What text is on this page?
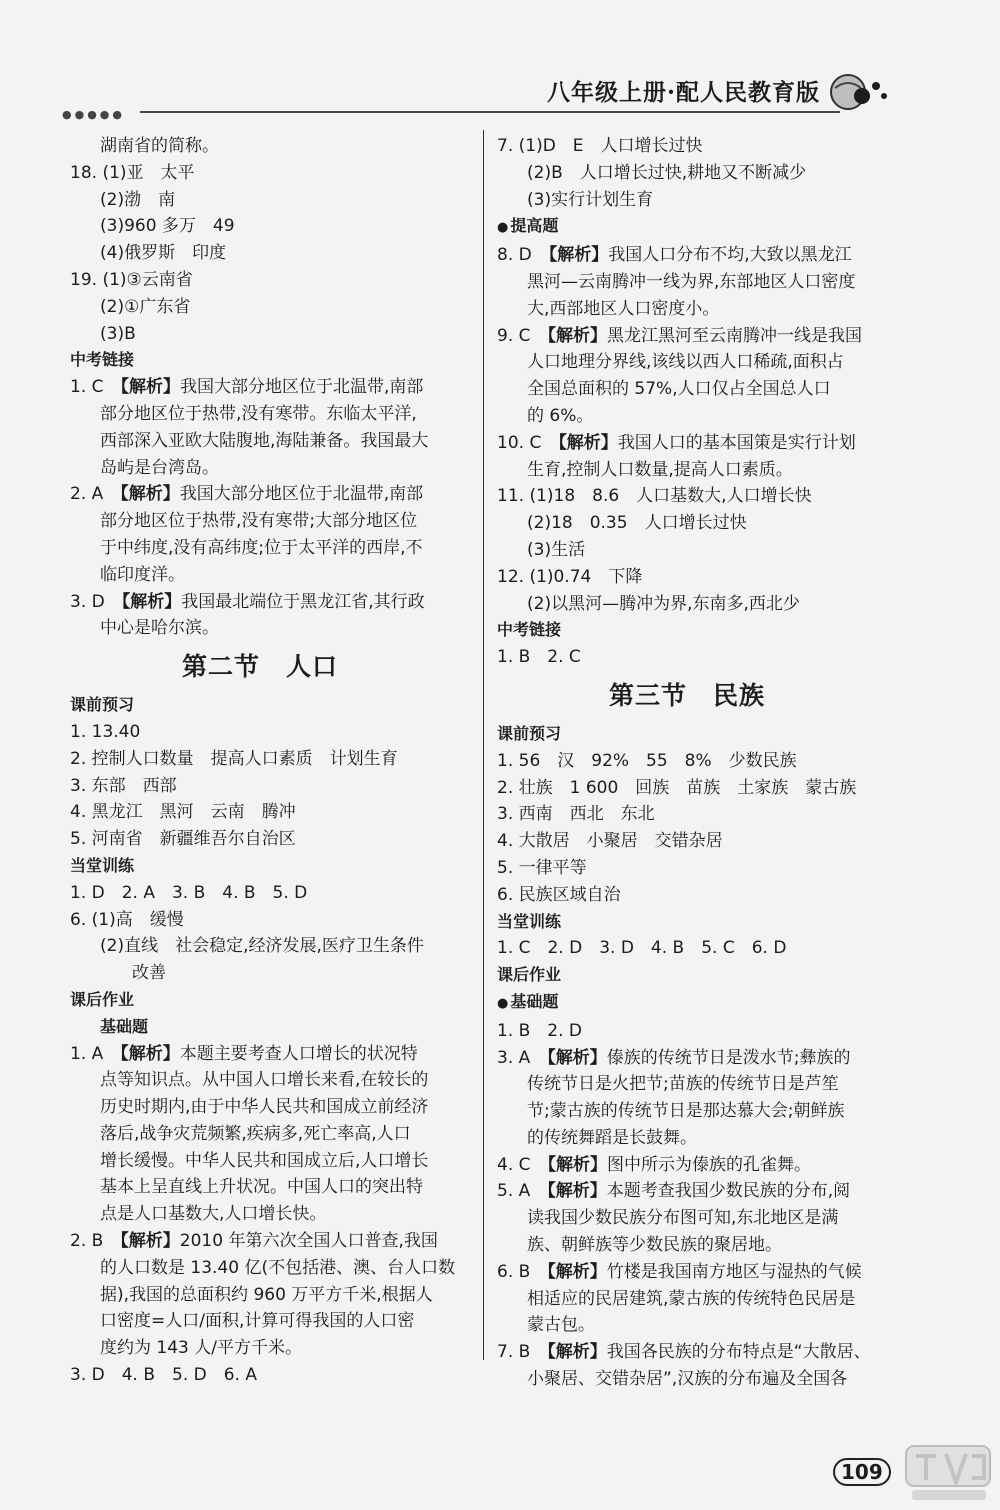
●●●●●
八年级上册·配人民教育版
湖南省的简称。
18. (1)亚　太平
(2)渤　南
(3)960 多万　49
(4)俄罗斯　印度
19. (1)③云南省
(2)①广东省
(3)B
中考链接
1. C　【解析】我国大部分地区位于北温带,南部
部分地区位于热带,没有寒带。东临太平洋,
西部深入亚欧大陆腹地,海陆兼备。我国最大
岛屿是台湾岛。
2. A　【解析】我国大部分地区位于北温带,南部
部分地区位于热带,没有寒带;大部分地区位
于中纬度,没有高纬度;位于太平洋的西岸,不
临印度洋。
3. D　【解析】我国最北端位于黑龙江省,其行政
中心是哈尔滨。
第二节　人口
课前预习
1. 13.40
2. 控制人口数量　提高人口素质　计划生育
3. 东部　西部
4. 黑龙江　黑河　云南　腾冲
5. 河南省　新疆维吾尔自治区
当堂训练
1. D　2. A　3. B　4. B　5. D
6. (1)高　缓慢
(2)直线　社会稳定,经济发展,医疗卫生条件
改善
课后作业
基础题
1. A　【解析】本题主要考查人口增长的状况特
点等知识点。从中国人口增长来看,在较长的
历史时期内,由于中华人民共和国成立前经济
落后,战争灾荒频繁,疾病多,死亡率高,人口
增长缓慢。中华人民共和国成立后,人口增长
基本上呈直线上升状况。中国人口的突出特
点是人口基数大,人口增长快。
2. B　【解析】2010 年第六次全国人口普查,我国
的人口数是 13.40 亿(不包括港、澳、台人口数
据),我国的总面积约 960 万平方千米,根据人
口密度=人口/面积,计算可得我国的人口密
度约为 143 人/平方千米。
3. D　4. B　5. D　6. A
7. (1)D　E　人口增长过快
(2)B　人口增长过快,耕地又不断减少
(3)实行计划生育
● 提高题
8. D　【解析】我国人口分布不均,大致以黑龙江
黑河—云南腾冲一线为界,东部地区人口密度
大,西部地区人口密度小。
9. C　【解析】黑龙江黑河至云南腾冲一线是我国
人口地理分界线,该线以西人口稀疏,面积占
全国总面积的 57%,人口仅占全国总人口
的 6%。
10. C　【解析】我国人口的基本国策是实行计划
生育,控制人口数量,提高人口素质。
11. (1)18　8.6　人口基数大,人口增长快
(2)18　0.35　人口增长过快
(3)生活
12. (1)0.74　下降
(2)以黑河—腾冲为界,东南多,西北少
中考链接
1. B　2. C
第三节　民族
课前预习
1. 56　汉　92%　55　8%　少数民族
2. 壮族　1 600　回族　苗族　土家族　蒙古族
3. 西南　西北　东北
4. 大散居　小聚居　交错杂居
5. 一律平等
6. 民族区域自治
当堂训练
1. C　2. D　3. D　4. B　5. C　6. D
课后作业
● 基础题
1. B　2. D
3. A　【解析】傣族的传统节日是泼水节;彝族的
传统节日是火把节;苗族的传统节日是芦笙
节;蒙古族的传统节日是那达慕大会;朝鲜族
的传统舞蹈是长鼓舞。
4. C　【解析】图中所示为傣族的孔雀舞。
5. A　【解析】本题考查我国少数民族的分布,阅
读我国少数民族分布图可知,东北地区是满
族、朝鲜族等少数民族的聚居地。
6. B　【解析】竹楼是我国南方地区与湿热的气候
相适应的民居建筑,蒙古族的传统特色民居是
蒙古包。
7. B　【解析】我国各民族的分布特点是“大散居、
小聚居、交错杂居”,汉族的分布遍及全国各
109
